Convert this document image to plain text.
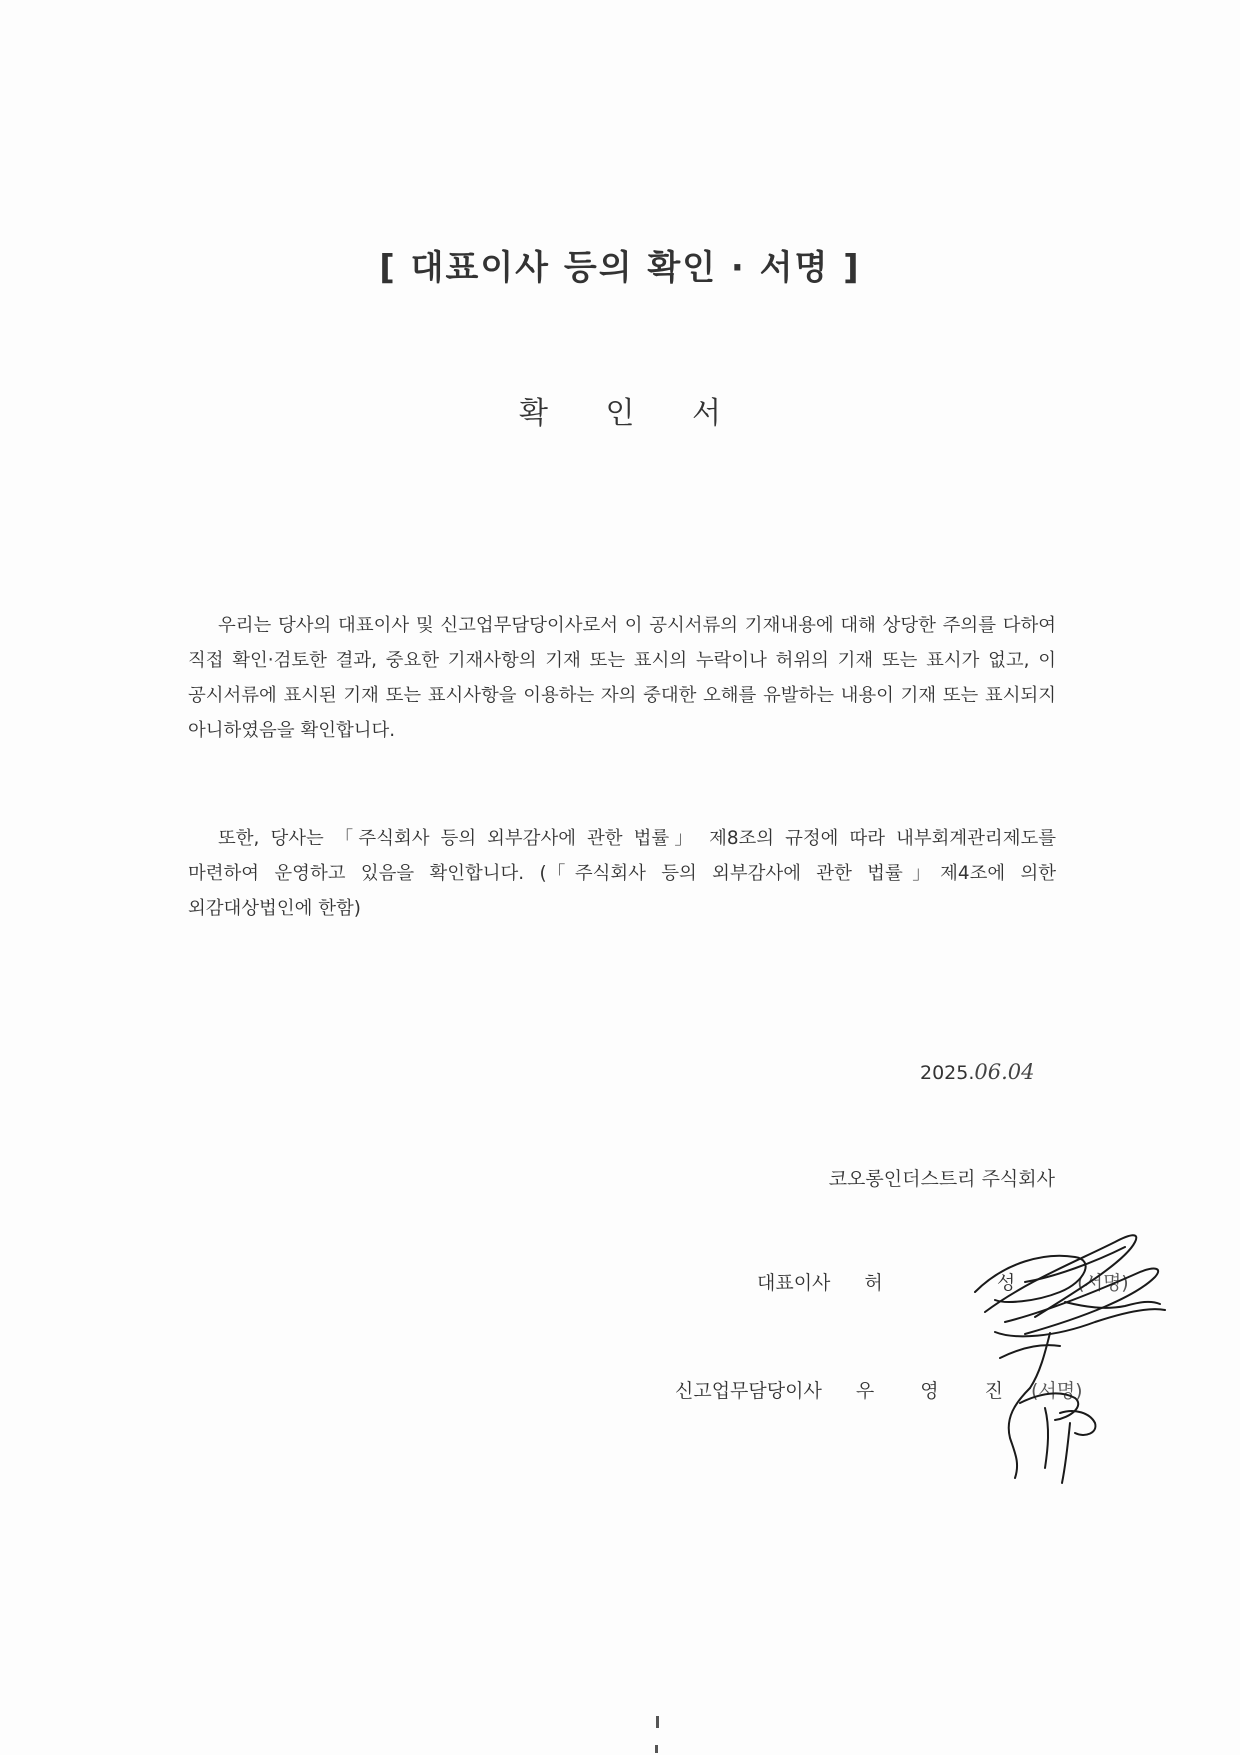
[ 대표이사 등의 확인 · 서명 ]
확 인 서

우리는 당사의 대표이사 및 신고업무담당이사로서 이 공시서류의 기재내용에 대해 상당한 주의를 다하여 직접 확인·검토한 결과, 중요한 기재사항의 기재 또는 표시의 누락이나 허위의 기재 또는 표시가 없고, 이 공시서류에 표시된 기재 또는 표시사항을 이용하는 자의 중대한 오해를 유발하는 내용이 기재 또는 표시되지 아니하였음을 확인합니다.

또한, 당사는 「주식회사 등의 외부감사에 관한 법률」 제8조의 규정에 따라 내부회계관리제도를 마련하여 운영하고 있음을 확인합니다. (「주식회사 등의 외부감사에 관한 법률」제4조에 의한 외감대상법인에 한함)

2025.06.04
코오롱인더스트리 주식회사
대표이사 허 성 (서명)
신고업무담당이사 우 영 진 (서명)
